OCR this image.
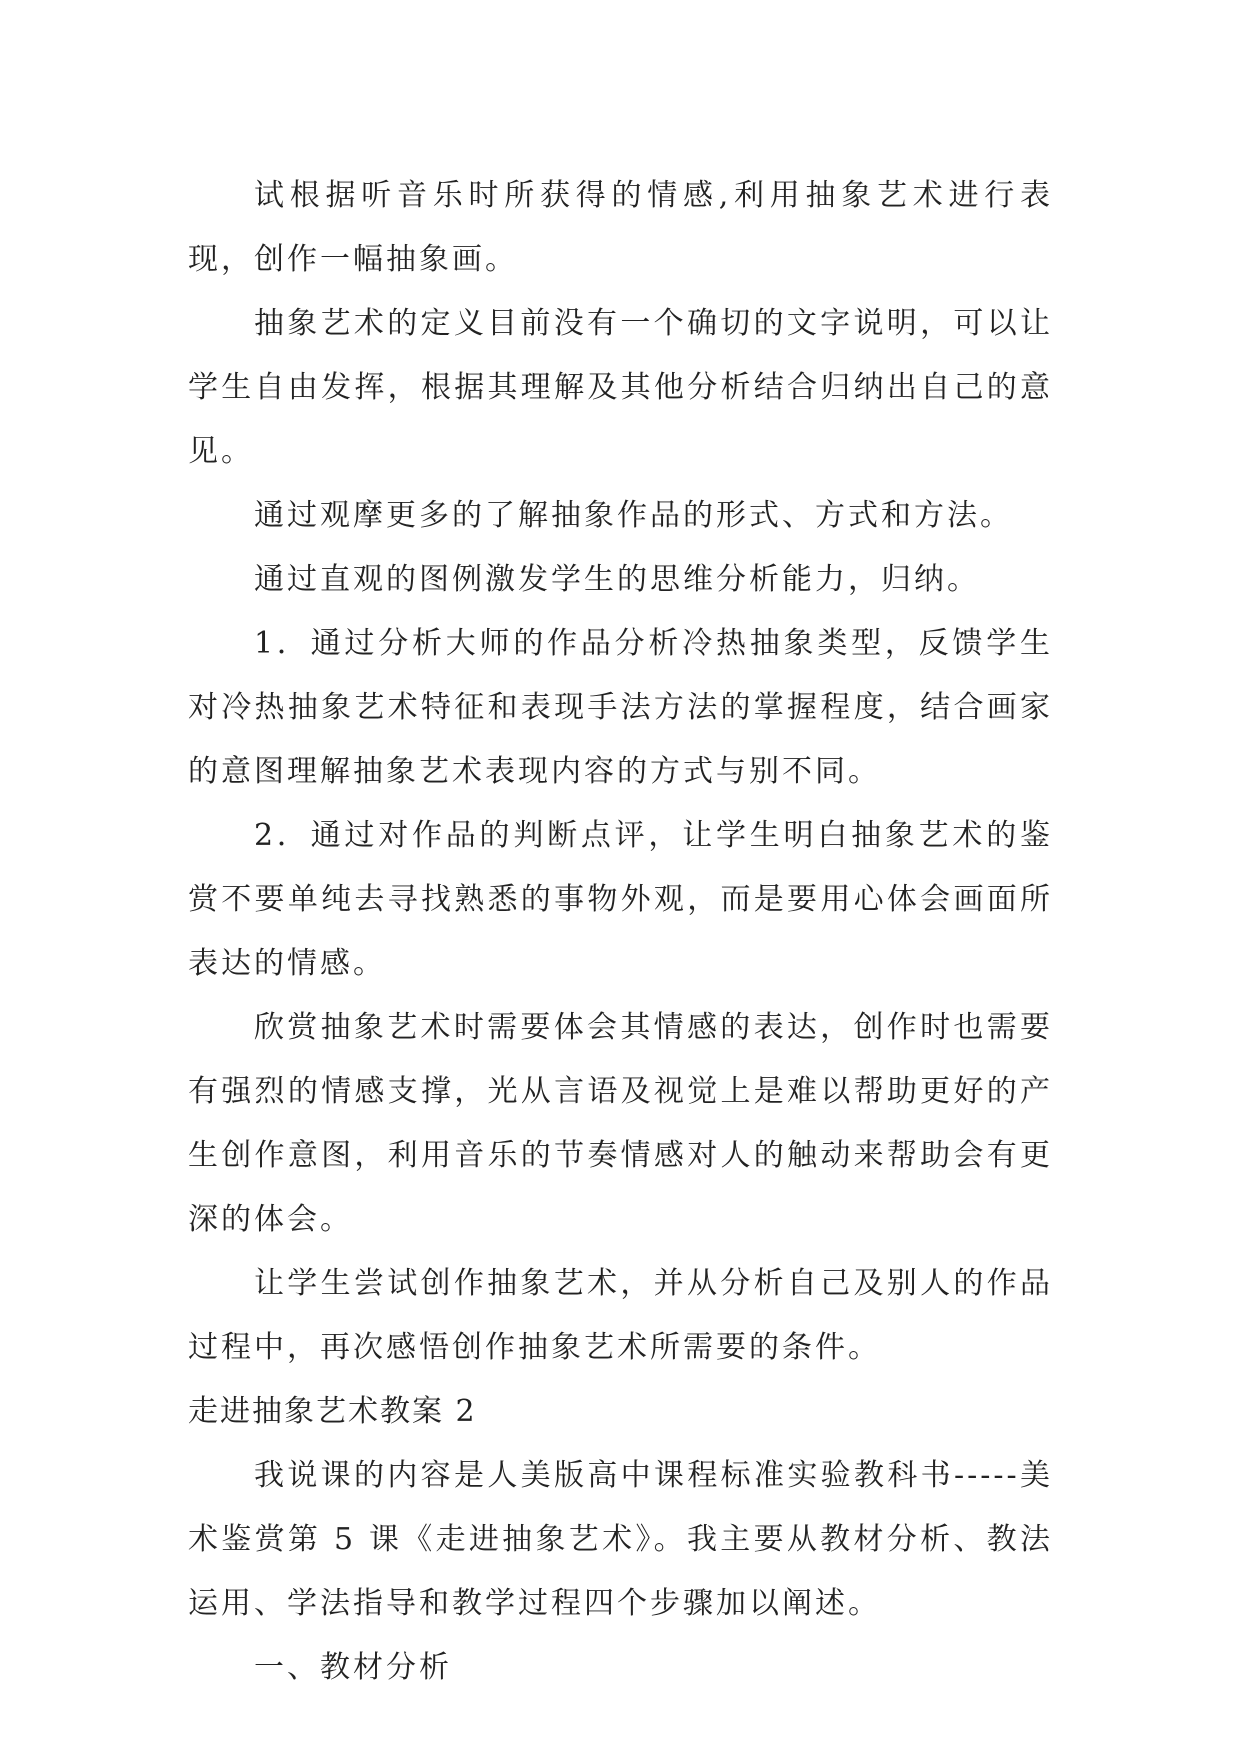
试根据听音乐时所获得的情感,利用抽象艺术进行表现，创作一幅抽象画。

抽象艺术的定义目前没有一个确切的文字说明，可以让学生自由发挥，根据其理解及其他分析结合归纳出自己的意见。

通过观摩更多的了解抽象作品的形式、方式和方法。

通过直观的图例激发学生的思维分析能力，归纳。

1．通过分析大师的作品分析冷热抽象类型，反馈学生对冷热抽象艺术特征和表现手法方法的掌握程度，结合画家的意图理解抽象艺术表现内容的方式与别不同。

2．通过对作品的判断点评，让学生明白抽象艺术的鉴赏不要单纯去寻找熟悉的事物外观，而是要用心体会画面所表达的情感。

欣赏抽象艺术时需要体会其情感的表达，创作时也需要有强烈的情感支撑，光从言语及视觉上是难以帮助更好的产生创作意图，利用音乐的节奏情感对人的触动来帮助会有更深的体会。

让学生尝试创作抽象艺术，并从分析自己及别人的作品过程中，再次感悟创作抽象艺术所需要的条件。

走进抽象艺术教案 2

我说课的内容是人美版高中课程标准实验教科书-----美术鉴赏第 5 课《走进抽象艺术》。我主要从教材分析、教法运用、学法指导和教学过程四个步骤加以阐述。

一、教材分析
